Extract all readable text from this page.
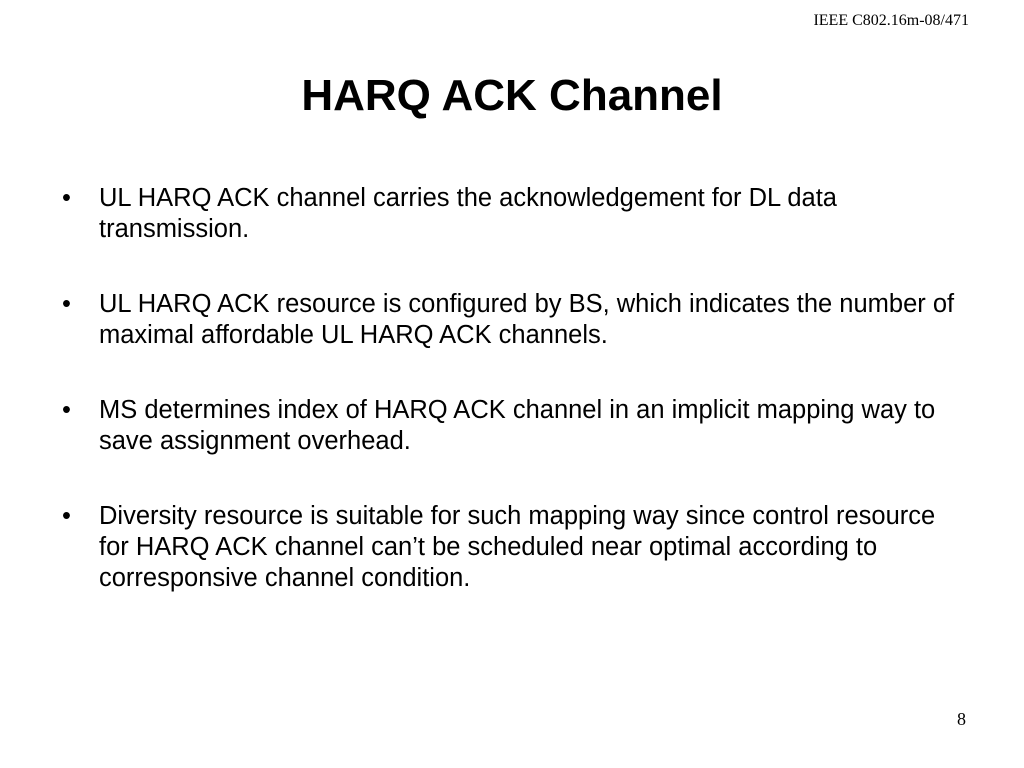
IEEE C802.16m-08/471
HARQ ACK Channel
• UL HARQ ACK channel carries the acknowledgement for DL data transmission.
• UL HARQ ACK resource is configured by BS, which indicates the number of maximal affordable UL HARQ ACK channels.
• MS determines index of HARQ ACK channel in an implicit mapping way to save assignment overhead.
• Diversity resource is suitable for such mapping way since control resource for HARQ ACK channel can’t be scheduled near optimal according to corresponsive channel condition.
8
